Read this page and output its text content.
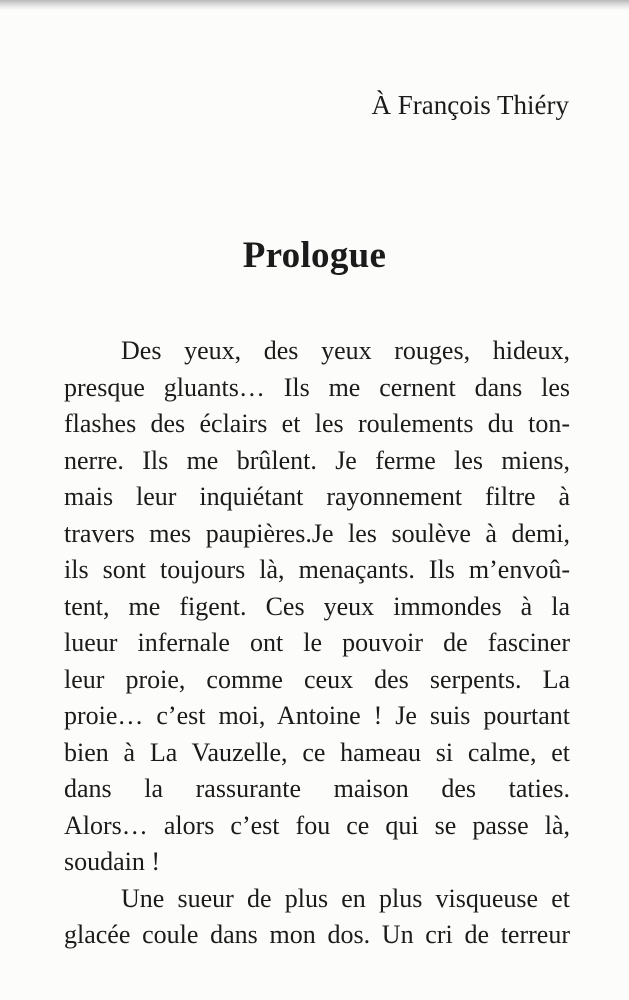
À François Thiéry
Prologue
Des yeux, des yeux rouges, hideux,
presque gluants… Ils me cernent dans les
flashes des éclairs et les roulements du ton-
nerre. Ils me brûlent. Je ferme les miens,
mais leur inquiétant rayonnement filtre à
travers mes paupières.Je les soulève à demi,
ils sont toujours là, menaçants. Ils m’envoû-
tent, me figent. Ces yeux immondes à la
lueur infernale ont le pouvoir de fasciner
leur proie, comme ceux des serpents. La
proie… c’est moi, Antoine ! Je suis pourtant
bien à La Vauzelle, ce hameau si calme, et
dans la rassurante maison des taties.
Alors… alors c’est fou ce qui se passe là,
soudain !
Une sueur de plus en plus visqueuse et
glacée coule dans mon dos. Un cri de terreur
